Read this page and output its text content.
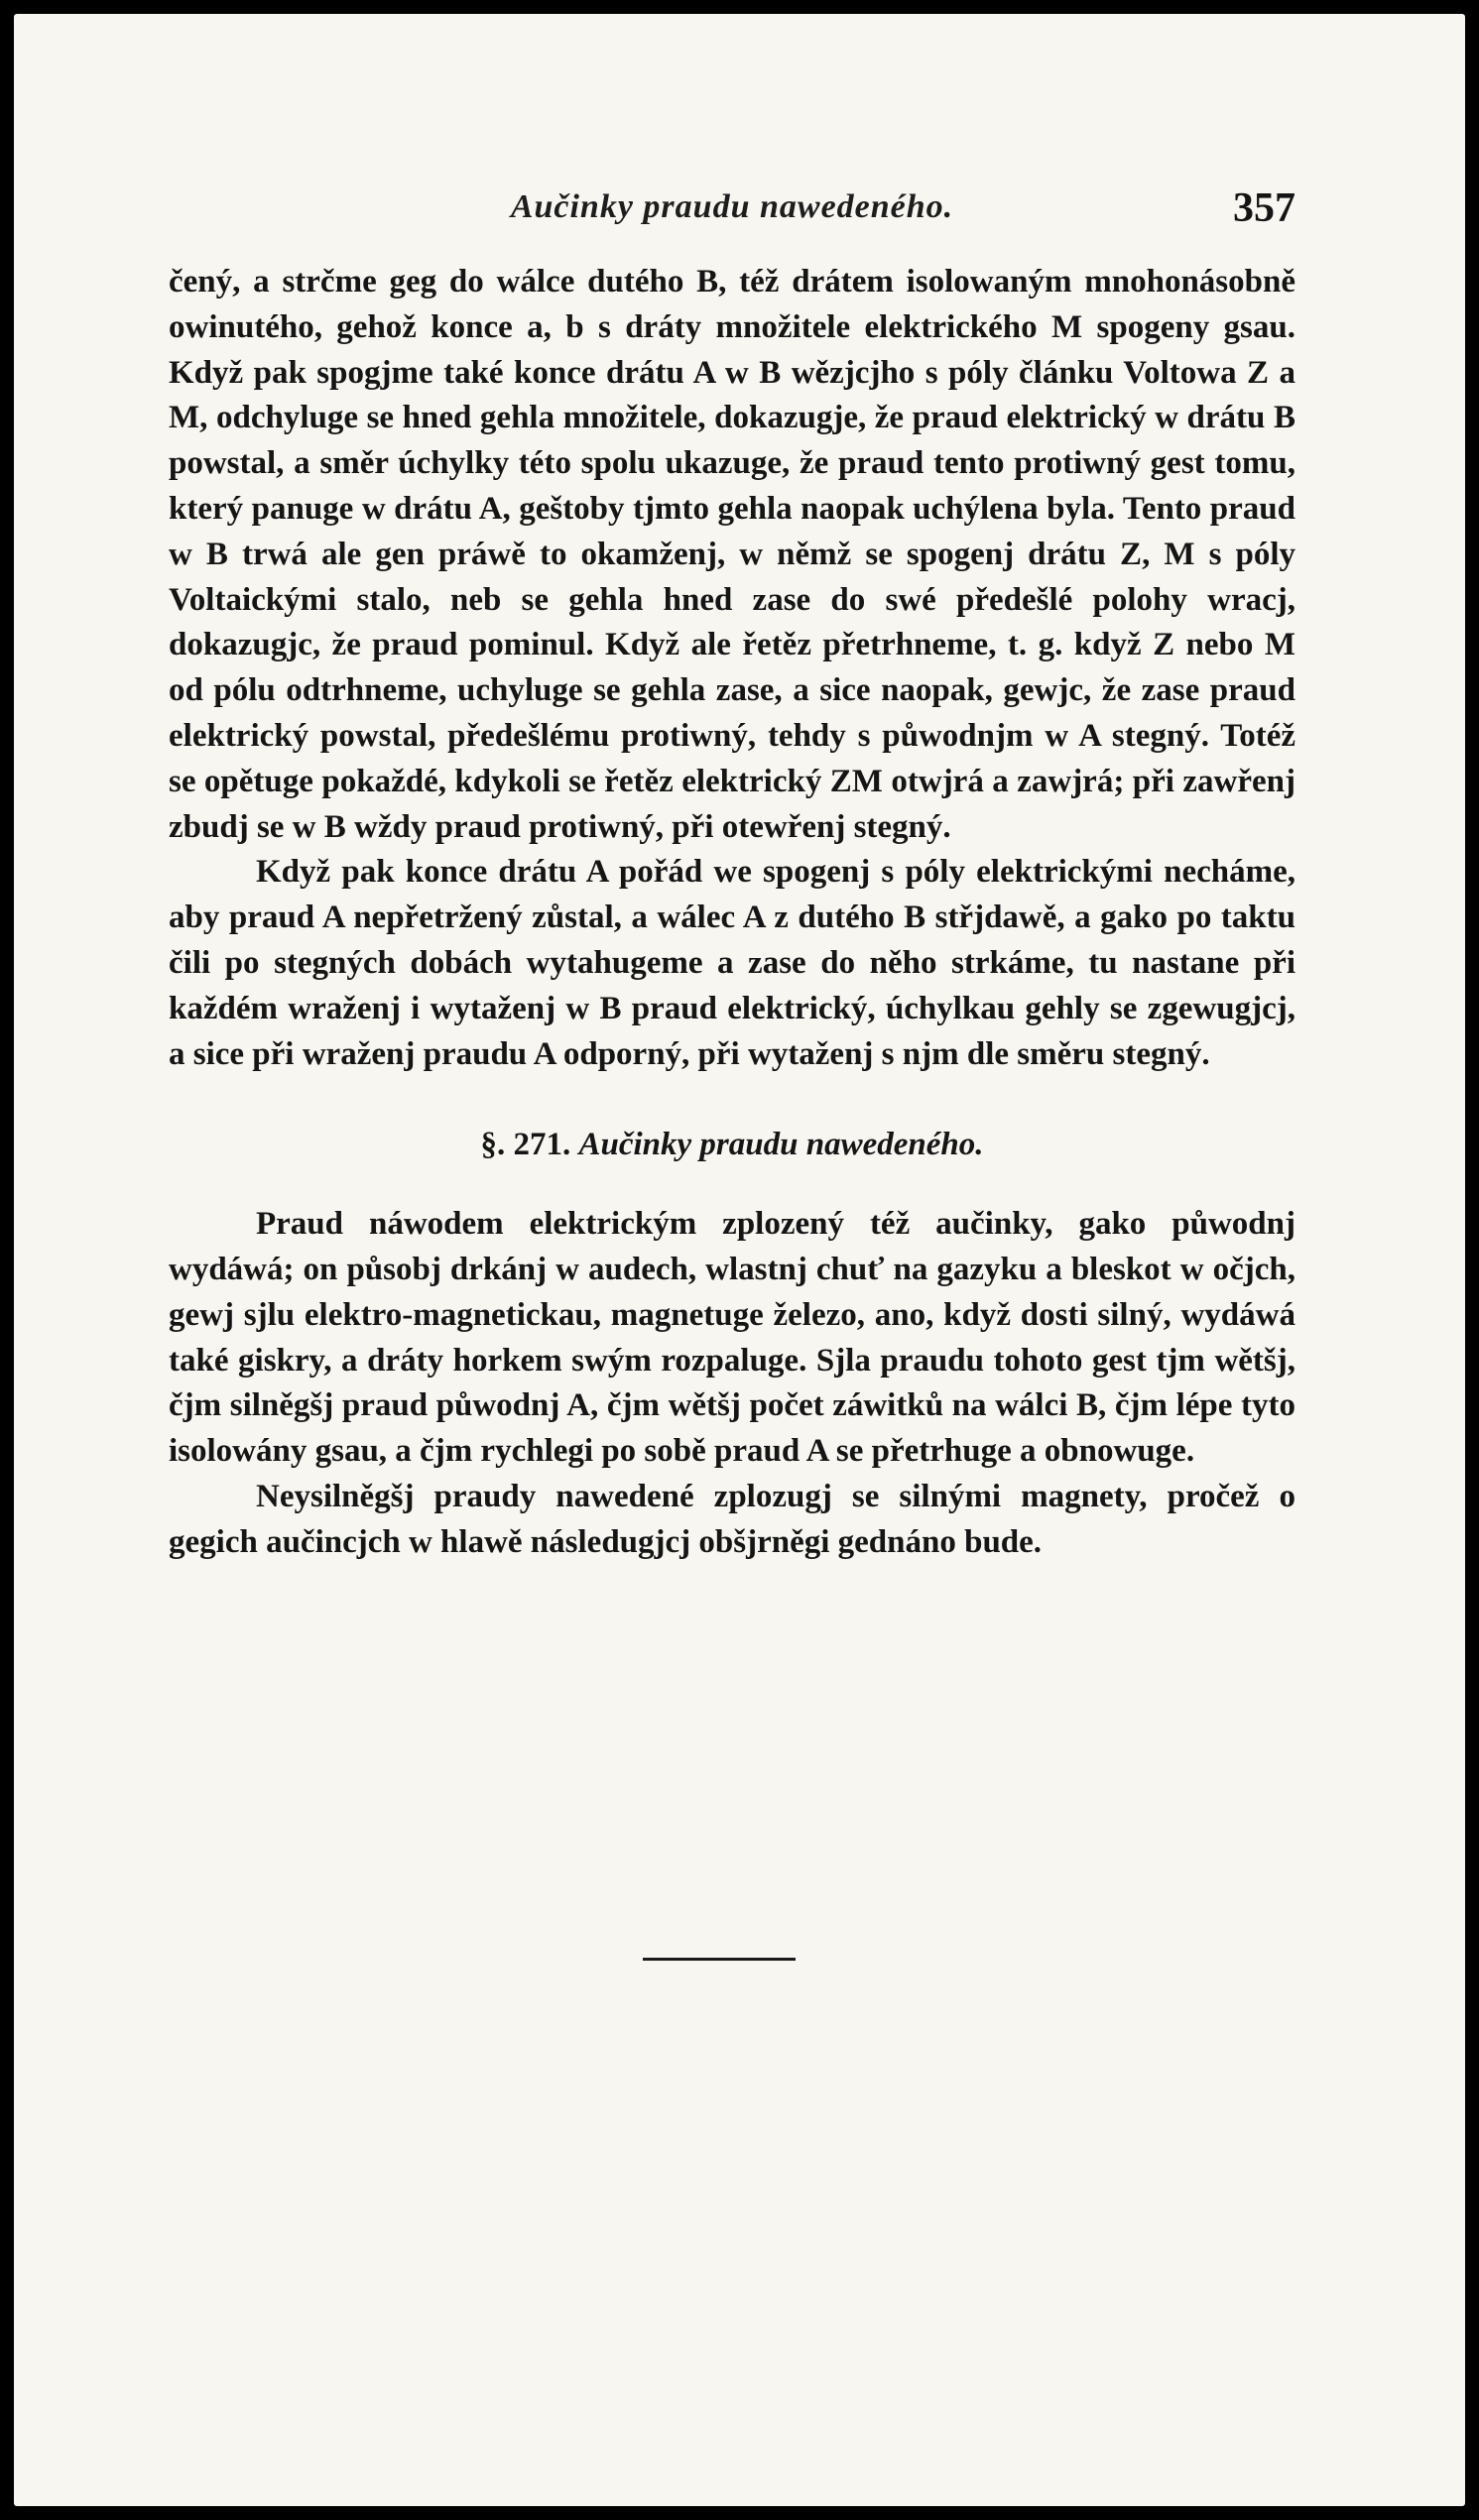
Aučinky praudu nawedeného.	357

čený, a strčme geg do wálce dutého B, též drátem isolowaným mnohonásobně owinutého, gehož konce a, b s dráty množitele elektrického M spogeny gsau. Když pak spogjme také konce drátu A w B wězjcjho s póly článku Voltowa Z a M, odchyluge se hned gehla množitele, dokazugje, že praud elektrický w drátu B powstal, a směr úchylky této spolu ukazuge, že praud tento protiwný gest tomu, který panuge w drátu A, geštoby tjmto gehla naopak uchýlena byla. Tento praud w B trwá ale gen práwě to okamženj, w němž se spogenj drátu Z, M s póly Voltaickými stalo, neb se gehla hned zase do swé předešlé polohy wracj, dokazugjc, že praud pominul. Když ale řetěz přetrhneme, t. g. když Z nebo M od pólu odtrhneme, uchyluge se gehla zase, a sice naopak, gewjc, že zase praud elektrický powstal, předešlému protiwný, tehdy s půwodnjm w A stegný. Totéž se opětuge pokaždé, kdykoli se řetěz elektrický ZM otwjrá a zawjrá; při zawřenj zbudj se w B wždy praud protiwný, při otewřenj stegný.

Když pak konce drátu A pořád we spogenj s póly elektrickými necháme, aby praud A nepřetržený zůstal, a wálec A z dutého B střjdawě, a gako po taktu čili po stegných dobách wytahugeme a zase do něho strkáme, tu nastane při každém wraženj i wytaženj w B praud elektrický, úchylkau gehly se zgewugjcj, a sice při wraženj praudu A odporný, při wytaženj s njm dle směru stegný.

§. 271. Aučinky praudu nawedeného.

Praud náwodem elektrickým zplozený též aučinky, gako půwodnj wydáwá; on působj drkánj w audech, wlastnj chuť na gazyku a bleskot w očjch, gewj sjlu elektro-magnetickau, magnetuge železo, ano, když dosti silný, wydáwá také giskry, a dráty horkem swým rozpaluge. Sjla praudu tohoto gest tjm wětšj, čjm silněgšj praud půwodnj A, čjm wětšj počet záwitků na wálci B, čjm lépe tyto isolowány gsau, a čjm rychlegi po sobě praud A se přetrhuge a obnowuge.

Neysilněgšj praudy nawedené zplozugj se silnými magnety, pročež o gegich aučincjch w hlawě následugjcj obšjrněgi gednáno bude.
